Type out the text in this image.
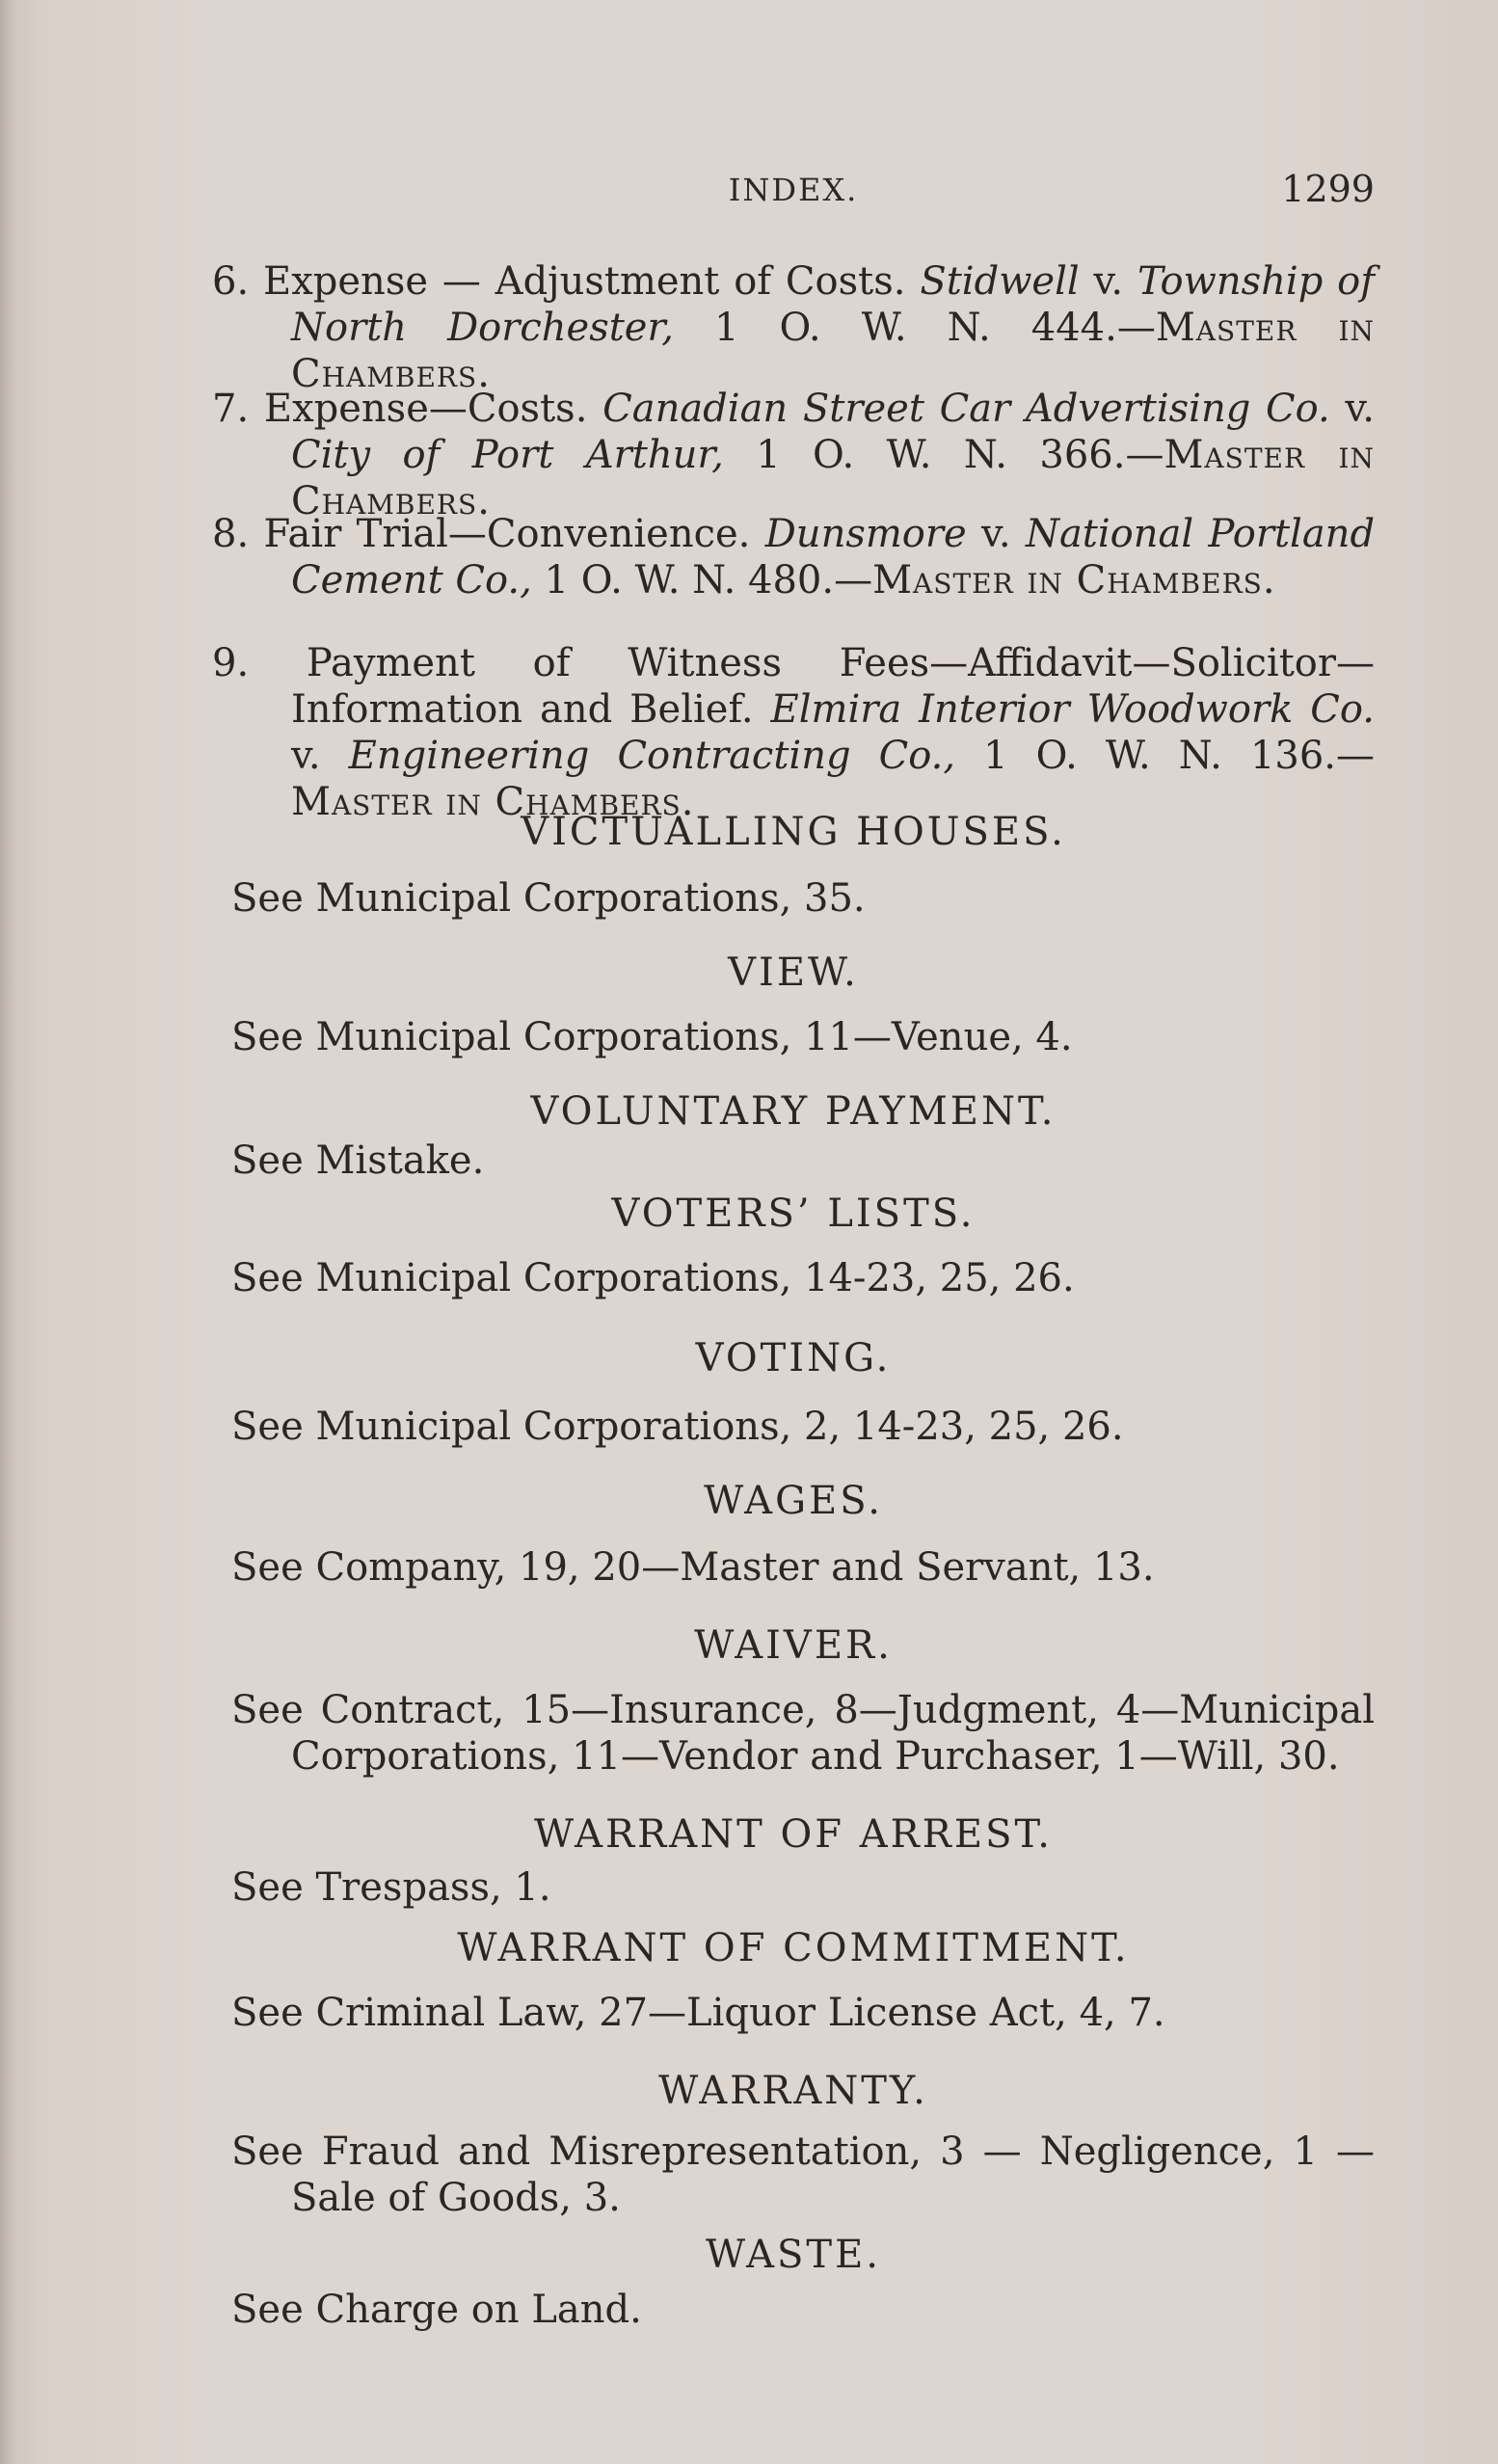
INDEX.	1299
6. Expense — Adjustment of Costs. Stidwell v. Township of North Dorchester, 1 O. W. N. 444.—Master in Chambers.
7. Expense—Costs. Canadian Street Car Advertising Co. v. City of Port Arthur, 1 O. W. N. 366.—Master in Chambers.
8. Fair Trial—Convenience. Dunsmore v. National Portland Cement Co., 1 O. W. N. 480.—Master in Chambers.
9. Payment of Witness Fees—Affidavit—Solicitor—Information and Belief. Elmira Interior Woodwork Co. v. Engineering Contracting Co., 1 O. W. N. 136.—Master in Chambers.
VICTUALLING HOUSES.
See Municipal Corporations, 35.
VIEW.
See Municipal Corporations, 11—Venue, 4.
VOLUNTARY PAYMENT.
See Mistake.
VOTERS’ LISTS.
See Municipal Corporations, 14-23, 25, 26.
VOTING.
See Municipal Corporations, 2, 14-23, 25, 26.
WAGES.
See Company, 19, 20—Master and Servant, 13.
WAIVER.
See Contract, 15—Insurance, 8—Judgment, 4—Municipal Corporations, 11—Vendor and Purchaser, 1—Will, 30.
WARRANT OF ARREST.
See Trespass, 1.
WARRANT OF COMMITMENT.
See Criminal Law, 27—Liquor License Act, 4, 7.
WARRANTY.
See Fraud and Misrepresentation, 3 — Negligence, 1 — Sale of Goods, 3.
WASTE.
See Charge on Land.
